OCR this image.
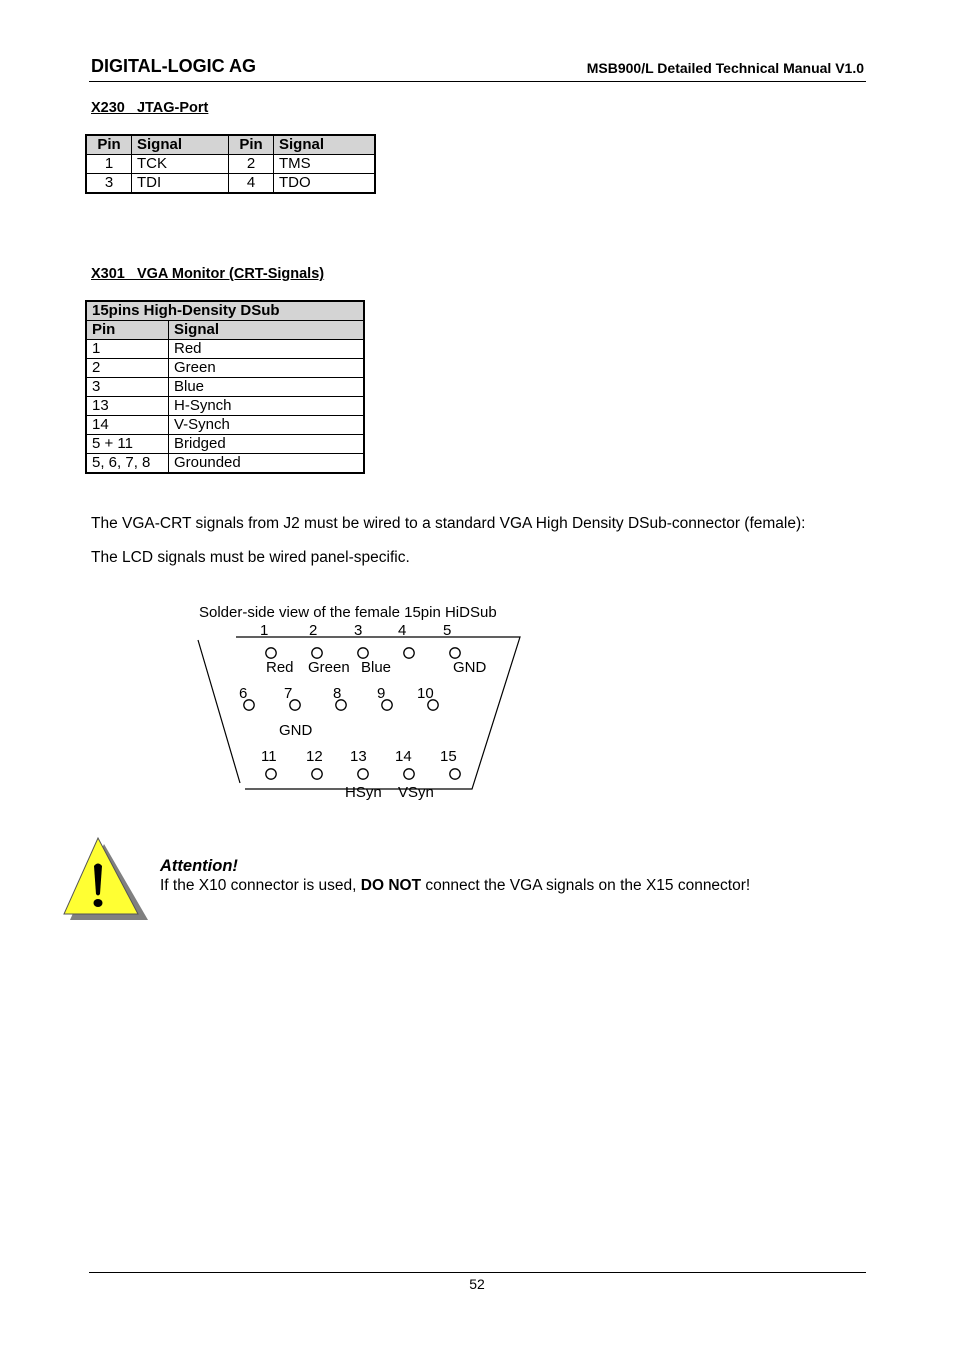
DIGITAL-LOGIC AG	MSB900/L Detailed Technical Manual V1.0
X230   JTAG-Port
Pin	Signal	Pin	Signal
1	TCK	2	TMS
3	TDI	4	TDO
X301   VGA Monitor (CRT-Signals)
15pins High-Density DSub	
Pin	Signal
1	Red
2	Green
3	Blue
13	H-Synch
14	V-Synch
5 + 11	Bridged
5, 6, 7, 8	Grounded
The VGA-CRT signals from J2 must be wired to a standard VGA High Density DSub-connector (female):
The LCD signals must be wired panel-specific.
Solder-side view of the female 15pin HiDSub
1	2 3 4 5
Red Green Blue	GND
6 7	8 9 10
GND
11 12 13 14 15
HSyn VSyn
Attention!
If the X10 connector is used, DO NOT connect the VGA signals on the X15 connector!
52
